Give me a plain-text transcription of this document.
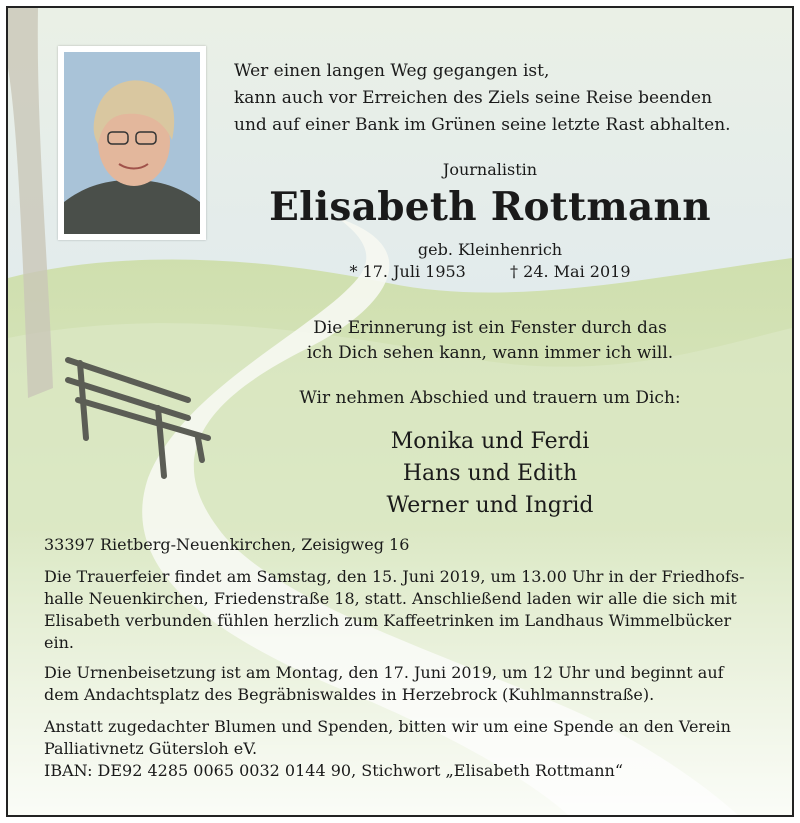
Wer einen langen Weg gegangen ist,
kann auch vor Erreichen des Ziels seine Reise beenden
und auf einer Bank im Grünen seine letzte Rast abhalten.
Journalistin
Elisabeth Rottmann
geb. Kleinhenrich
* 17. Juli 1953	† 24. Mai 2019
Die Erinnerung ist ein Fenster durch das
ich Dich sehen kann, wann immer ich will.
Wir nehmen Abschied und trauern um Dich:
Monika und Ferdi
Hans und Edith
Werner und Ingrid
33397 Rietberg-Neuenkirchen, Zeisigweg 16
Die Trauerfeier findet am Samstag, den 15. Juni 2019, um 13.00 Uhr in der Friedhofs-
halle Neuenkirchen, Friedenstraße 18, statt. Anschließend laden wir alle die sich mit
Elisabeth verbunden fühlen herzlich zum Kaffeetrinken im Landhaus Wimmelbücker
ein.
Die Urnenbeisetzung ist am Montag, den 17. Juni 2019, um 12 Uhr und beginnt auf
dem Andachtsplatz des Begräbniswaldes in Herzebrock (Kuhlmannstraße).
Anstatt zugedachter Blumen und Spenden, bitten wir um eine Spende an den Verein
Palliativnetz Gütersloh eV.
IBAN: DE92 4285 0065 0032 0144 90, Stichwort „Elisabeth Rottmann“
